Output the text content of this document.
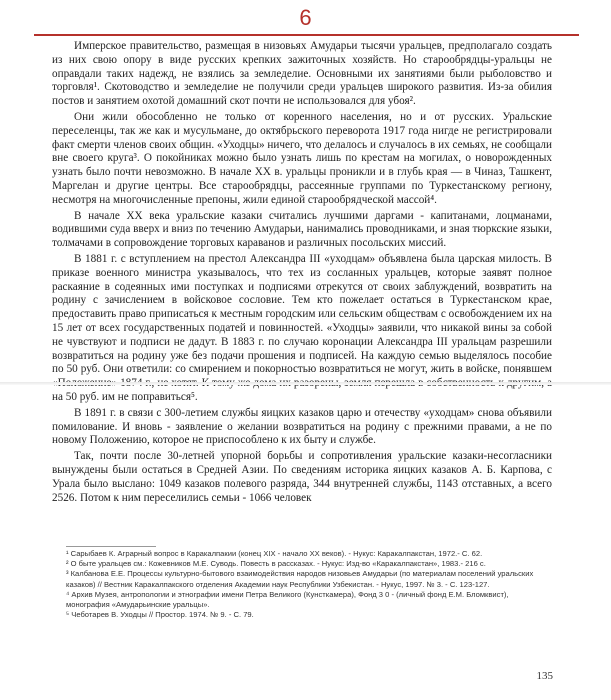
6

Имперское правительство, размещая в низовьях Амударьи тысячи уральцев, предполагало создать из них свою опору в виде русских крепких зажиточных хозяйств. Но старообрядцы-уральцы не оправдали таких надежд, не взялись за земледелие. Основными их занятиями были рыболовство и торговля¹. Скотоводство и земледелие не получили среди уральцев широкого развития. Из-за обилия постов и занятием охотой домашний скот почти не использовался для убоя².

Они жили обособленно не только от коренного населения, но и от русских. Уральские переселенцы, так же как и мусульмане, до октябрьского переворота 1917 года нигде не регистрировали факт смерти членов своих общин. «Уходцы» ничего, что делалось и случалось в их семьях, не сообщали вне своего круга³. О покойниках можно было узнать лишь по крестам на могилах, о новорожденных узнать было почти невозможно. В начале XX в. уральцы проникли и в глубь края — в Чиназ, Ташкент, Маргелан и другие центры. Все старообрядцы, рассеянные группами по Туркестанскому региону, несмотря на многочисленные препоны, жили единой старообрядческой массой⁴.

В начале XX века уральские казаки считались лучшими даргами - капитанами, лоцманами, водившими суда вверх и вниз по течению Амударьи, нанимались проводниками, и зная тюркские языки, толмачами в сопровождение торговых караванов и различных посольских миссий.

В 1881 г. с вступлением на престол Александра III «уходцам» объявлена была царская милость. В приказе военного министра указывалось, что тех из сосланных уральцев, которые заявят полное раскаяние в содеянных ими поступках и подписями отрекутся от своих заблуждений, возвратить на родину с зачислением в войсковое сословие. Тем кто пожелает остаться в Туркестанском крае, предоставить право приписаться к местным городским или сельским обществам с освобождением их на 15 лет от всех государственных податей и повинностей. «Уходцы» заявили, что никакой вины за собой не чувствуют и подписи не дадут. В 1883 г. по случаю коронации Александра III уральцам разрешили возвратиться на родину уже без подачи прошения и подписей. На каждую семью выделялось пособие по 50 руб. Они ответили: со смирением и покорностью возвратиться не могут, жить в войске, понявшем на 50 руб. им не поправиться⁵.

В 1891 г. в связи с 300-летием службы яицких казаков царю и отечеству «уходцам» снова объявили помилование. И вновь - заявление о желании возвратиться на родину с прежними правами, а не по новому Положению, которое не приспособлено к их быту и службе.

Так, почти после 30-летней упорной борьбы и сопротивления уральские казаки-несогласники вынуждены были остаться в Средней Азии. По сведениям историка яицких казаков А. Б. Карпова, с Урала было выслано: 1049 казаков полевого разряда, 344 внутренней службы, 1143 отставных, а всего 2526. Потом к ним переселились семьи - 1066 человек

¹ Сарыбаев К. Аграрный вопрос в Каракалпакии (конец XIX - начало XX веков). - Нукус: Каракалпакстан, 1972.- С. 62.

² О быте уральцев см.: Кожевников М.Е. Суводь. Повесть в рассказах. - Нукус: Изд-во «Каракалпакстан», 1983.- 216 с.

³ Калбанова Е.Е. Процессы культурно-бытового взаимодействия народов низовьев Амударьи (по материалам поселений уральских казаков) // Вестник Каракалпакского отделения Академии наук Республики Узбекистан. - Нукус, 1997. № 3. - С. 123-127.

⁴ Архив Музея, антропологии и этнографии имени Петра Великого (Кунсткамера), Фонд 3 0 - (личный фонд Е.М. Бломквист), монография «Амударьинские уральцы».

⁵ Чеботарев В. Уходцы // Простор. 1974. № 9. - С. 79.

135
